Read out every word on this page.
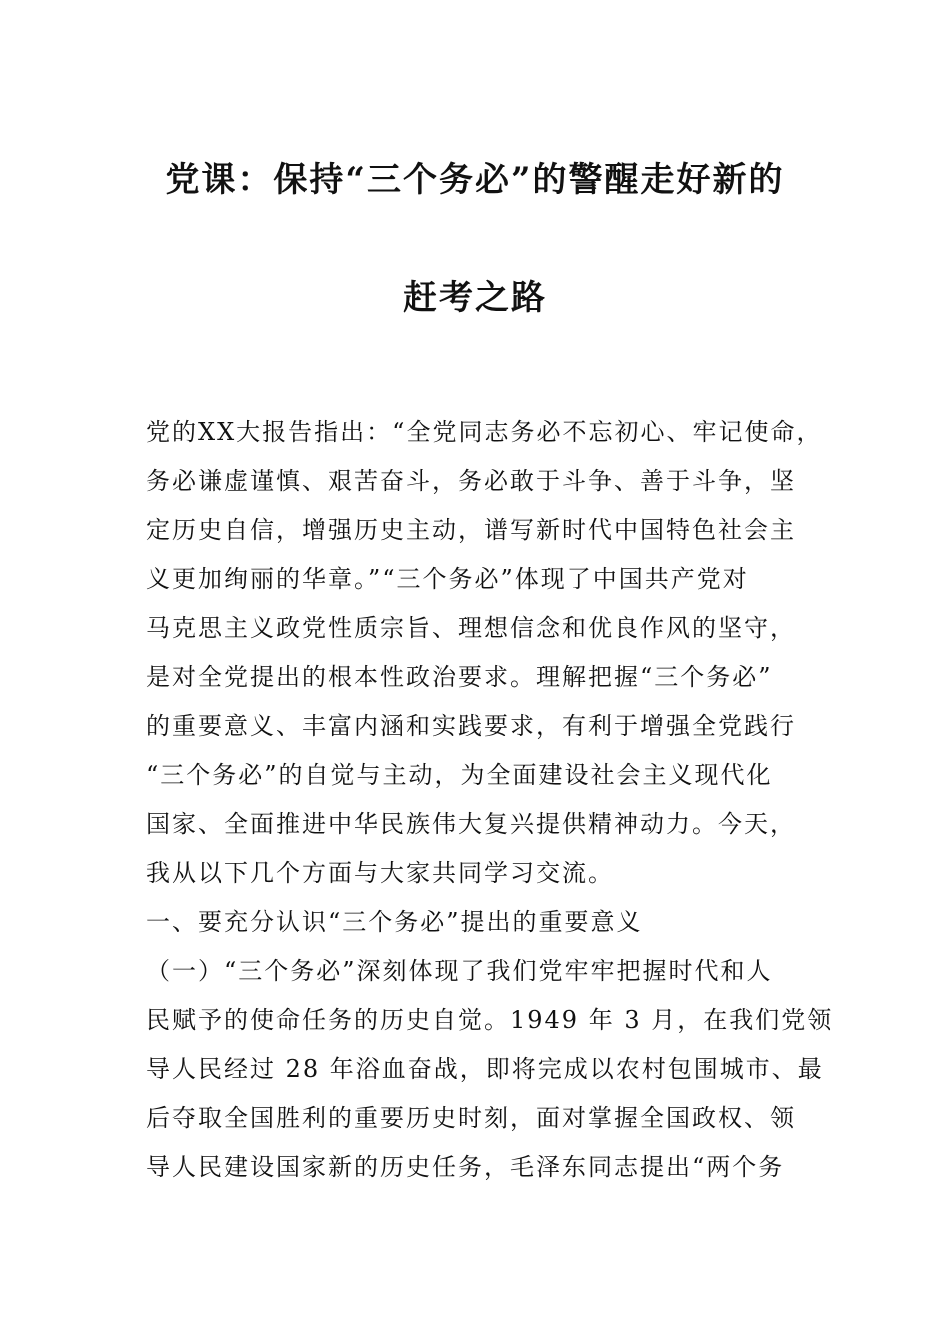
党课：保持“三个务必”的警醒走好新的
赶考之路
党的XX大报告指出：“全党同志务必不忘初心、牢记使命，
务必谦虚谨慎、艰苦奋斗，务必敢于斗争、善于斗争，坚
定历史自信，增强历史主动，谱写新时代中国特色社会主
义更加绚丽的华章。”“三个务必”体现了中国共产党对
马克思主义政党性质宗旨、理想信念和优良作风的坚守，
是对全党提出的根本性政治要求。理解把握“三个务必”
的重要意义、丰富内涵和实践要求，有利于增强全党践行
“三个务必”的自觉与主动，为全面建设社会主义现代化
国家、全面推进中华民族伟大复兴提供精神动力。今天，
我从以下几个方面与大家共同学习交流。
一、要充分认识“三个务必”提出的重要意义
（一）“三个务必”深刻体现了我们党牢牢把握时代和人
民赋予的使命任务的历史自觉。1949 年 3 月，在我们党领
导人民经过 28 年浴血奋战，即将完成以农村包围城市、最
后夺取全国胜利的重要历史时刻，面对掌握全国政权、领
导人民建设国家新的历史任务，毛泽东同志提出“两个务
